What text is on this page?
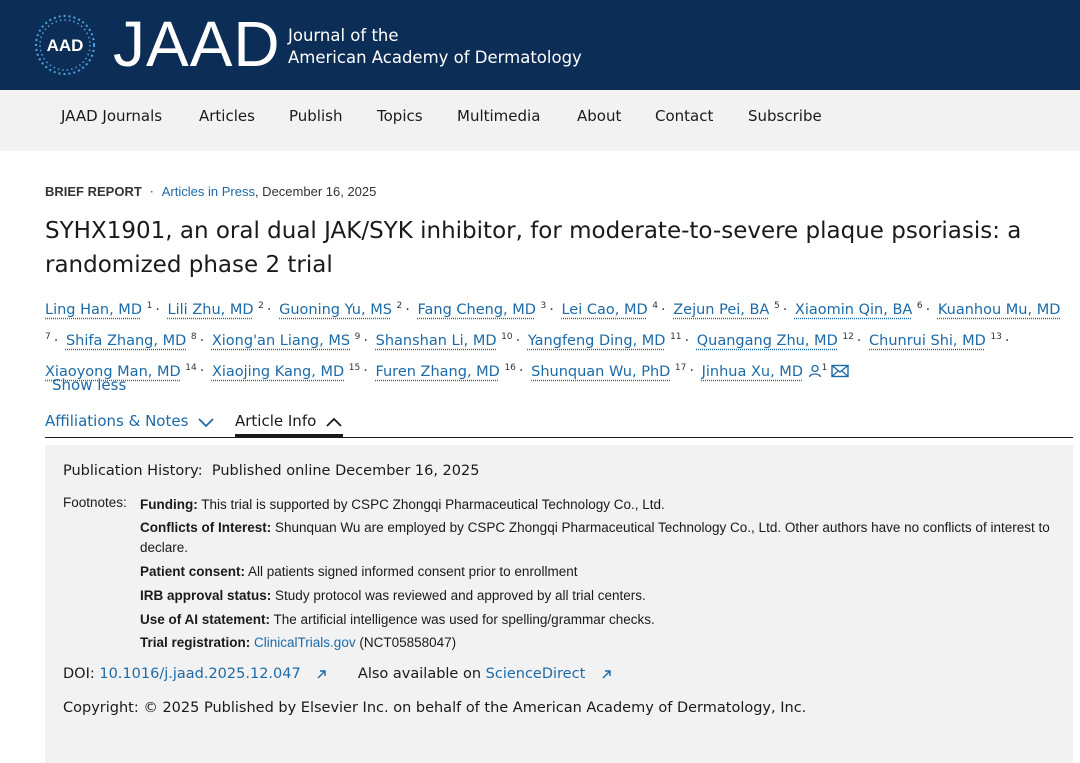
AAD JAAD Journal of the
American Academy of Dermatology
JAAD Journals Articles Publish Topics Multimedia About Contact Subscribe
BRIEF REPORT · Articles in Press, December 16, 2025
SYHX1901, an oral dual JAK/SYK inhibitor, for moderate-to-severe plaque psoriasis: a randomized phase 2 trial
Ling Han, MD $^1$ · Lili Zhu, MD $^2$ · Guoning Yu, MS $^2$ · Fang Cheng, MD $^3$ · Lei Cao, MD $^4$ · Zejun Pei, BA $^5$ · Xiaomin Qin, BA $^6$ · Kuanhou Mu, MD $^7$ · Shifa Zhang, MD $^8$ · Xiong'an Liang, MS $^9$ · Shanshan Li, MD $^{10}$ · Yangfeng Ding, MD $^{11}$ · Quangang Zhu, MD $^{12}$ · Chunrui Shi, MD $^{13}$ · Xiaoyong Man, MD $^{14}$ · Xiaojing Kang, MD $^{15}$ · Furen Zhang, MD $^{16}$ · Shunquan Wu, PhD $^{17}$ · Jinhua Xu, MD $^1$
Show less
Affiliations & Notes	Article Info
Publication History: Published online December 16, 2025
Footnotes: Funding: This trial is supported by CSPC Zhongqi Pharmaceutical Technology Co., Ltd.
Conflicts of Interest: Shunquan Wu are employed by CSPC Zhongqi Pharmaceutical Technology Co., Ltd. Other authors have no conflicts of interest to declare.
Patient consent: All patients signed informed consent prior to enrollment
IRB approval status: Study protocol was reviewed and approved by all trial centers.
Use of AI statement: The artificial intelligence was used for spelling/grammar checks.
Trial registration: ClinicalTrials.gov (NCT05858047)
DOI: 10.1016/j.jaad.2025.12.047	Also available on ScienceDirect
Copyright: © 2025 Published by Elsevier Inc. on behalf of the American Academy of Dermatology, Inc.
